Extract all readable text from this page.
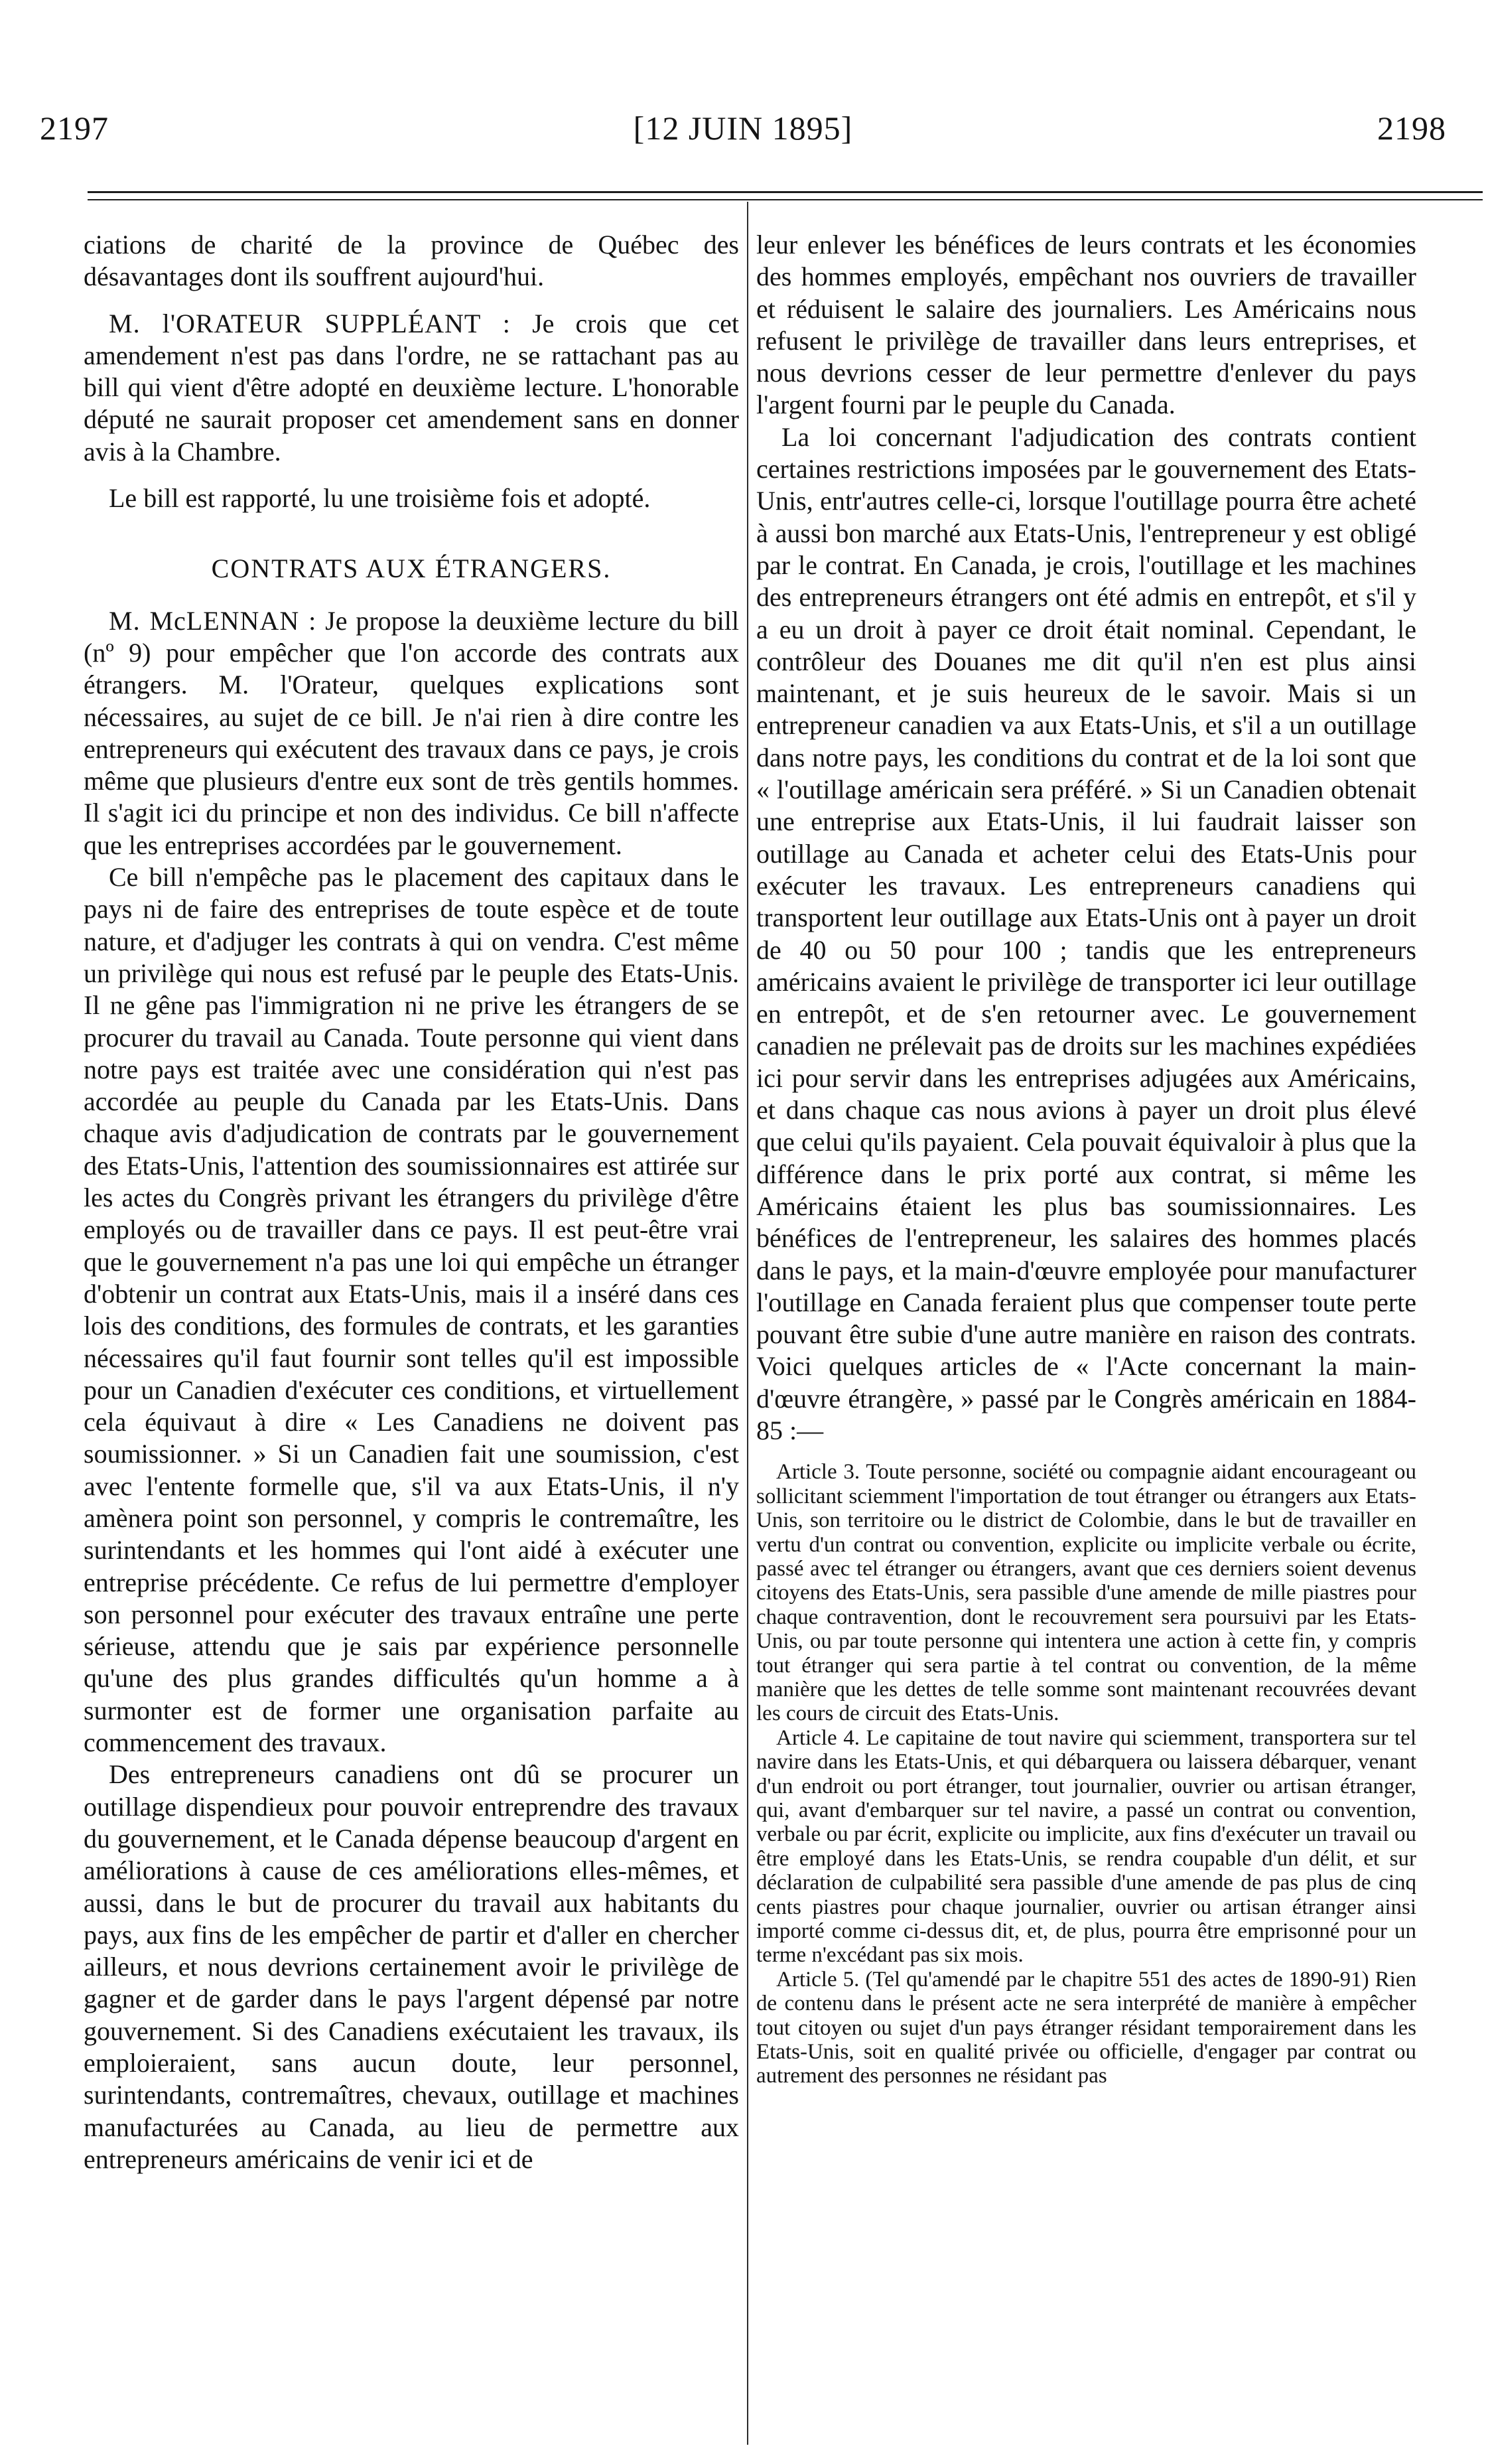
2197	[12 JUIN 1895]	2198

ciations de charité de la province de Québec des désavantages dont ils souffrent aujourd'hui.

M. l'ORATEUR SUPPLÉANT : Je crois que cet amendement n'est pas dans l'ordre, ne se rattachant pas au bill qui vient d'être adopté en deuxième lecture. L'honorable député ne saurait proposer cet amendement sans en donner avis à la Chambre.

Le bill est rapporté, lu une troisième fois et adopté.

CONTRATS AUX ÉTRANGERS.

M. McLENNAN : Je propose la deuxième lecture du bill (nº 9) pour empêcher que l'on accorde des contrats aux étrangers. M. l'Orateur, quelques explications sont nécessaires, au sujet de ce bill. Je n'ai rien à dire contre les entrepreneurs qui exécutent des travaux dans ce pays, je crois même que plusieurs d'entre eux sont de très gentils hommes. Il s'agit ici du principe et non des individus. Ce bill n'affecte que les entreprises accordées par le gouvernement.

Ce bill n'empêche pas le placement des capitaux dans le pays ni de faire des entreprises de toute espèce et de toute nature, et d'adjuger les contrats à qui on vendra. C'est même un privilège qui nous est refusé par le peuple des Etats-Unis. Il ne gêne pas l'immigration ni ne prive les étrangers de se procurer du travail au Canada. Toute personne qui vient dans notre pays est traitée avec une considération qui n'est pas accordée au peuple du Canada par les Etats-Unis. Dans chaque avis d'adjudication de contrats par le gouvernement des Etats-Unis, l'attention des soumissionnaires est attirée sur les actes du Congrès privant les étrangers du privilège d'être employés ou de travailler dans ce pays. Il est peut-être vrai que le gouvernement n'a pas une loi qui empêche un étranger d'obtenir un contrat aux Etats-Unis, mais il a inséré dans ces lois des conditions, des formules de contrats, et les garanties nécessaires qu'il faut fournir sont telles qu'il est impossible pour un Canadien d'exécuter ces conditions, et virtuellement cela équivaut à dire « Les Canadiens ne doivent pas soumissionner. » Si un Canadien fait une soumission, c'est avec l'entente formelle que, s'il va aux Etats-Unis, il n'y amènera point son personnel, y compris le contremaître, les surintendants et les hommes qui l'ont aidé à exécuter une entreprise précédente. Ce refus de lui permettre d'employer son personnel pour exécuter des travaux entraîne une perte sérieuse, attendu que je sais par expérience personnelle qu'une des plus grandes difficultés qu'un homme a à surmonter est de former une organisation parfaite au commencement des travaux.

Des entrepreneurs canadiens ont dû se procurer un outillage dispendieux pour pouvoir entreprendre des travaux du gouvernement, et le Canada dépense beaucoup d'argent en améliorations à cause de ces améliorations elles-mêmes, et aussi, dans le but de procurer du travail aux habitants du pays, aux fins de les empêcher de partir et d'aller en chercher ailleurs, et nous devrions certainement avoir le privilège de gagner et de garder dans le pays l'argent dépensé par notre gouvernement. Si des Canadiens exécutaient les travaux, ils emploieraient, sans aucun doute, leur personnel, surintendants, contremaîtres, chevaux, outillage et machines manufacturées au Canada, au lieu de permettre aux entrepreneurs américains de venir ici et de

leur enlever les bénéfices de leurs contrats et les économies des hommes employés, empêchant nos ouvriers de travailler et réduisent le salaire des journaliers. Les Américains nous refusent le privilège de travailler dans leurs entreprises, et nous devrions cesser de leur permettre d'enlever du pays l'argent fourni par le peuple du Canada.

La loi concernant l'adjudication des contrats contient certaines restrictions imposées par le gouvernement des Etats-Unis, entr'autres celle-ci, lorsque l'outillage pourra être acheté à aussi bon marché aux Etats-Unis, l'entrepreneur y est obligé par le contrat. En Canada, je crois, l'outillage et les machines des entrepreneurs étrangers ont été admis en entrepôt, et s'il y a eu un droit à payer ce droit était nominal. Cependant, le contrôleur des Douanes me dit qu'il n'en est plus ainsi maintenant, et je suis heureux de le savoir. Mais si un entrepreneur canadien va aux Etats-Unis, et s'il a un outillage dans notre pays, les conditions du contrat et de la loi sont que « l'outillage américain sera préféré. » Si un Canadien obtenait une entreprise aux Etats-Unis, il lui faudrait laisser son outillage au Canada et acheter celui des Etats-Unis pour exécuter les travaux. Les entrepreneurs canadiens qui transportent leur outillage aux Etats-Unis ont à payer un droit de 40 ou 50 pour 100 ; tandis que les entrepreneurs américains avaient le privilège de transporter ici leur outillage en entrepôt, et de s'en retourner avec. Le gouvernement canadien ne prélevait pas de droits sur les machines expédiées ici pour servir dans les entreprises adjugées aux Américains, et dans chaque cas nous avions à payer un droit plus élevé que celui qu'ils payaient. Cela pouvait équivaloir à plus que la différence dans le prix porté aux contrat, si même les Américains étaient les plus bas soumissionnaires. Les bénéfices de l'entrepreneur, les salaires des hommes placés dans le pays, et la main-d'œuvre employée pour manufacturer l'outillage en Canada feraient plus que compenser toute perte pouvant être subie d'une autre manière en raison des contrats. Voici quelques articles de « l'Acte concernant la main-d'œuvre étrangère, » passé par le Congrès américain en 1884-85 :—

Article 3. Toute personne, société ou compagnie aidant encourageant ou sollicitant sciemment l'importation de tout étranger ou étrangers aux Etats-Unis, son territoire ou le district de Colombie, dans le but de travailler en vertu d'un contrat ou convention, explicite ou implicite verbale ou écrite, passé avec tel étranger ou étrangers, avant que ces derniers soient devenus citoyens des Etats-Unis, sera passible d'une amende de mille piastres pour chaque contravention, dont le recouvrement sera poursuivi par les Etats-Unis, ou par toute personne qui intentera une action à cette fin, y compris tout étranger qui sera partie à tel contrat ou convention, de la même manière que les dettes de telle somme sont maintenant recouvrées devant les cours de circuit des Etats-Unis.

Article 4. Le capitaine de tout navire qui sciemment, transportera sur tel navire dans les Etats-Unis, et qui débarquera ou laissera débarquer, venant d'un endroit ou port étranger, tout journalier, ouvrier ou artisan étranger, qui, avant d'embarquer sur tel navire, a passé un contrat ou convention, verbale ou par écrit, explicite ou implicite, aux fins d'exécuter un travail ou être employé dans les Etats-Unis, se rendra coupable d'un délit, et sur déclaration de culpabilité sera passible d'une amende de pas plus de cinq cents piastres pour chaque journalier, ouvrier ou artisan étranger ainsi importé comme ci-dessus dit, et, de plus, pourra être emprisonné pour un terme n'excédant pas six mois.

Article 5. (Tel qu'amendé par le chapitre 551 des actes de 1890-91) Rien de contenu dans le présent acte ne sera interprété de manière à empêcher tout citoyen ou sujet d'un pays étranger résidant temporairement dans les Etats-Unis, soit en qualité privée ou officielle, d'engager par contrat ou autrement des personnes ne résidant pas
